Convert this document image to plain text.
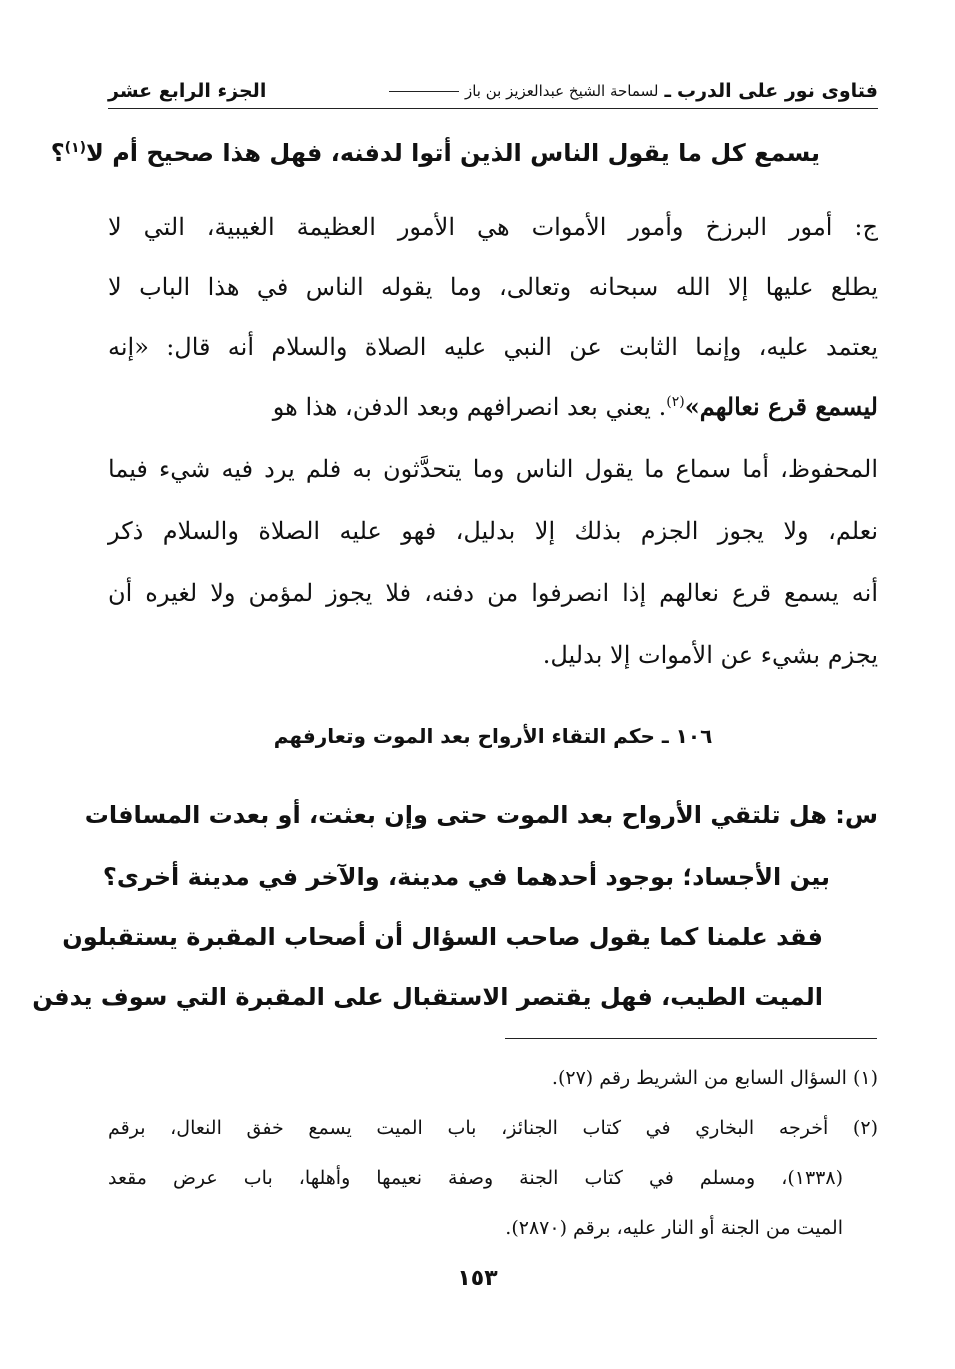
فتاوى نور على الدرب
ـ
لسماحة الشيخ عبدالعزيز بن باز
الجزء الرابع عشر
يسمع كل ما يقول الناس الذين أتوا لدفنه، فهل هذا صحيح أم لا$^{(١)}$؟
ج: أمور البرزخ وأمور الأموات هي الأمور العظيمة الغيبية، التي لا
يطلع عليها إلا الله سبحانه وتعالى، وما يقوله الناس في هذا الباب لا
يعتمد عليه، وإنما الثابت عن النبي عليه الصلاة والسلام أنه قال: «إنه
ليسمع قرع نعالهم»$^{(٢)}$. يعني بعد انصرافهم وبعد الدفن، هذا هو
المحفوظ، أما سماع ما يقول الناس وما يتحدَّثون به فلم يرد فيه شيء فيما
نعلم، ولا يجوز الجزم بذلك إلا بدليل، فهو عليه الصلاة والسلام ذكر
أنه يسمع قرع نعالهم إذا انصرفوا من دفنه، فلا يجوز لمؤمن ولا لغيره أن
يجزم بشيء عن الأموات إلا بدليل.
١٠٦ ـ حكم التقاء الأرواح بعد الموت وتعارفهم
س: هل تلتقي الأرواح بعد الموت حتى وإن بعثت، أو بعدت المسافات
بين الأجساد؛ بوجود أحدهما في مدينة، والآخر في مدينة أخرى؟
فقد علمنا كما يقول صاحب السؤال أن أصحاب المقبرة يستقبلون
الميت الطيب، فهل يقتصر الاستقبال على المقبرة التي سوف يدفن
(١) السؤال السابع من الشريط رقم (٢٧).
(٢) أخرجه البخاري في كتاب الجنائز، باب الميت يسمع خفق النعال، برقم
(١٣٣٨)، ومسلم في كتاب الجنة وصفة نعيمها وأهلها، باب عرض مقعد
الميت من الجنة أو النار عليه، برقم (٢٨٧٠).
١٥٣
